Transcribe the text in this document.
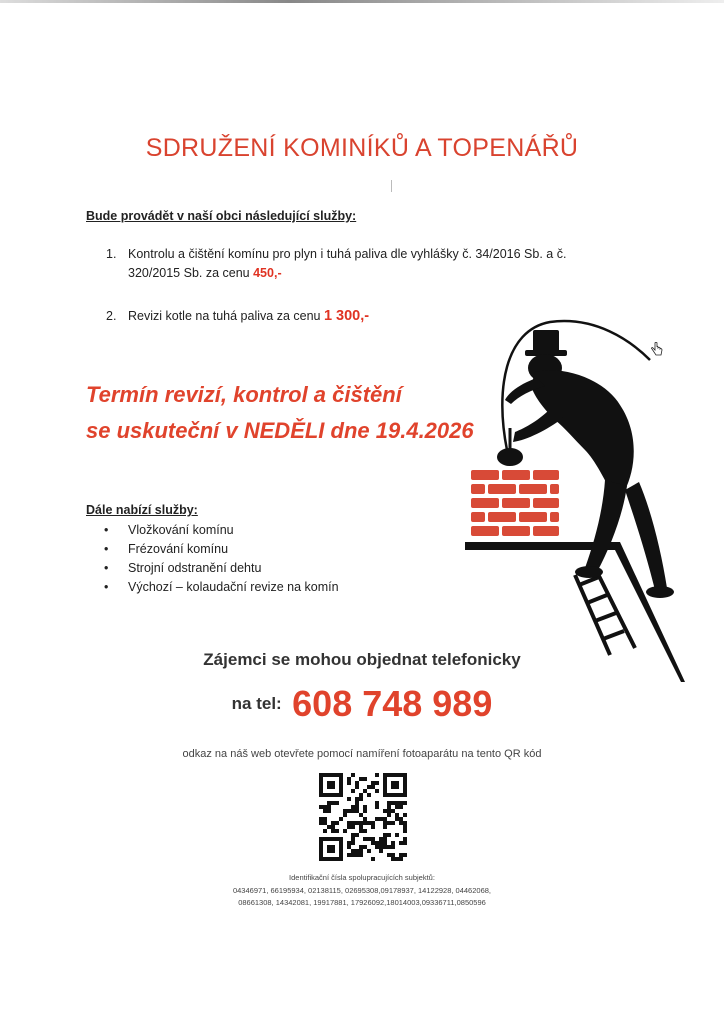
SDRUŽENÍ KOMINÍKŮ A TOPENÁŘŮ
Bude provádět v naší obci následující služby:
1. Kontrolu a čištění komínu pro plyn i tuhá paliva dle vyhlášky č. 34/2016 Sb. a č.
320/2015 Sb. za cenu 450,-
2. Revizi kotle na tuhá paliva za cenu 1 300,-
Termín revizí, kontrol a čištění
se uskuteční v NEDĚLI dne 19.4.2026
Dále nabízí služby:
• Vložkování komínu
• Frézování komínu
• Strojní odstranění dehtu
• Výchozí – kolaudační revize na komín
Zájemci se mohou objednat telefonicky
na tel: 608 748 989
odkaz na náš web otevřete pomocí namíření fotoaparátu na tento QR kód
Identifikační čísla spolupracujících subjektů:
04346971, 66195934, 02138115, 02695308,09178937, 14122928, 04462068,
08661308, 14342081, 19917881, 17926092,18014003,09336711,0850596
